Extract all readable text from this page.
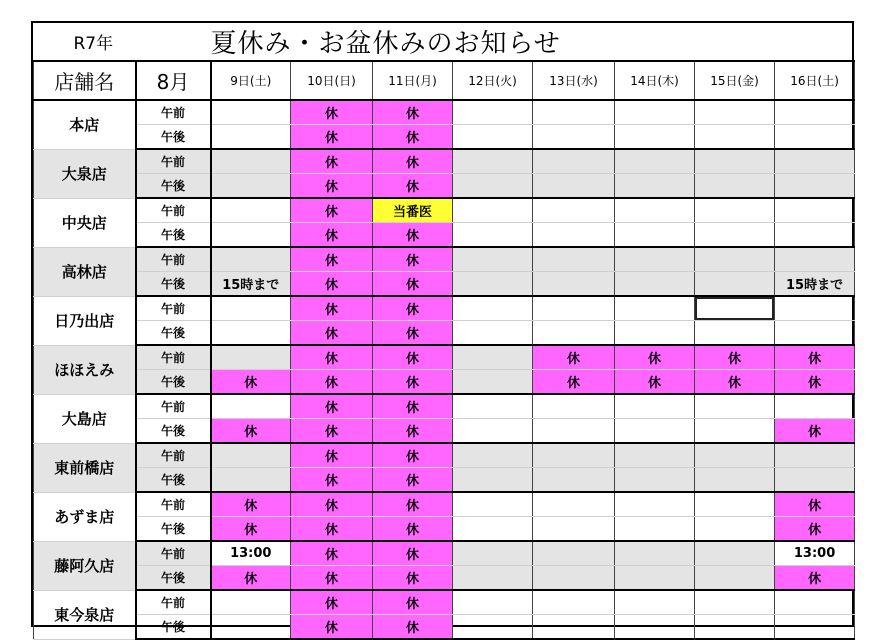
R7年		夏休み・お盆休みのお知らせ							
店舗名	8月	9日(土)	10日(日)	11日(月)	12日(火)	13日(水)	14日(木)	15日(金)	16日(土)
本店	午前		休	休					
	午後		休	休					
大泉店	午前		休	休					
	午後		休	休					
中央店	午前		休	当番医					
	午後		休	休					
高林店	午前		休	休					
	午後	15時まで	休	休					15時まで
日乃出店	午前		休	休					
	午後		休	休					
ほほえみ	午前		休	休		休	休	休	休
	午後	休	休	休		休	休	休	休
大島店	午前		休	休					
	午後	休	休	休					休
東前橋店	午前		休	休					
	午後		休	休					
あずま店	午前	休	休	休					休
	午後	休	休	休					休
藤阿久店	午前	13:00	休	休					13:00
	午後	休	休	休					休
東今泉店	午前		休	休					
	午後		休	休					
